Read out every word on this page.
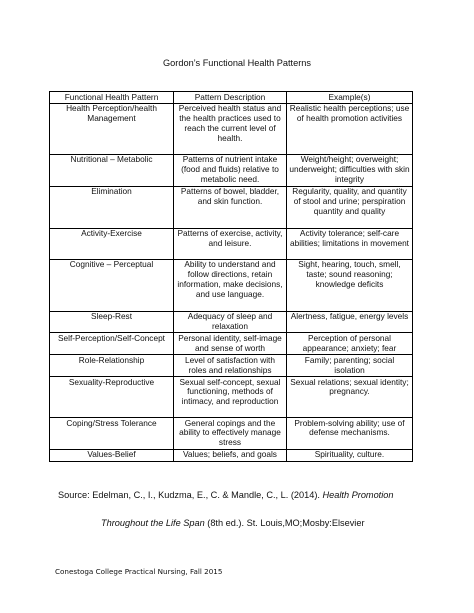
Gordon’s Functional Health Patterns
Functional Health Pattern	Pattern Description	Example(s)
Health Perception/health Management	Perceived health status and the health practices used to reach the current level of health.	Realistic health perceptions; use of health promotion activities
Nutritional – Metabolic	Patterns of nutrient intake (food and fluids) relative to metabolic need.	Weight/height; overweight; underweight; difficulties with skin integrity
Elimination	Patterns of bowel, bladder, and skin function.	Regularity, quality, and quantity of stool and urine; perspiration quantity and quality
Activity-Exercise	Patterns of exercise, activity, and leisure.	Activity tolerance; self-care abilities; limitations in movement
Cognitive – Perceptual	Ability to understand and follow directions, retain information, make decisions, and use language.	Sight, hearing, touch, smell, taste; sound reasoning; knowledge deficits
Sleep-Rest	Adequacy of sleep and relaxation	Alertness, fatigue, energy levels
Self-Perception/Self-Concept	Personal identity, self-image and sense of worth	Perception of personal appearance; anxiety; fear
Role-Relationship	Level of satisfaction with roles and relationships	Family; parenting; social isolation
Sexuality-Reproductive	Sexual self-concept, sexual functioning, methods of intimacy, and reproduction	Sexual relations; sexual identity; pregnancy.
Coping/Stress Tolerance	General copings and the ability to effectively manage stress	Problem-solving ability; use of defense mechanisms.
Values-Belief	Values; beliefs, and goals	Spirituality, culture.
Source: Edelman, C., I., Kudzma, E., C. & Mandle, C., L. (2014). Health Promotion
Throughout the Life Span (8th ed.). St. Louis,MO;Mosby:Elsevier
Conestoga College Practical Nursing, Fall 2015
